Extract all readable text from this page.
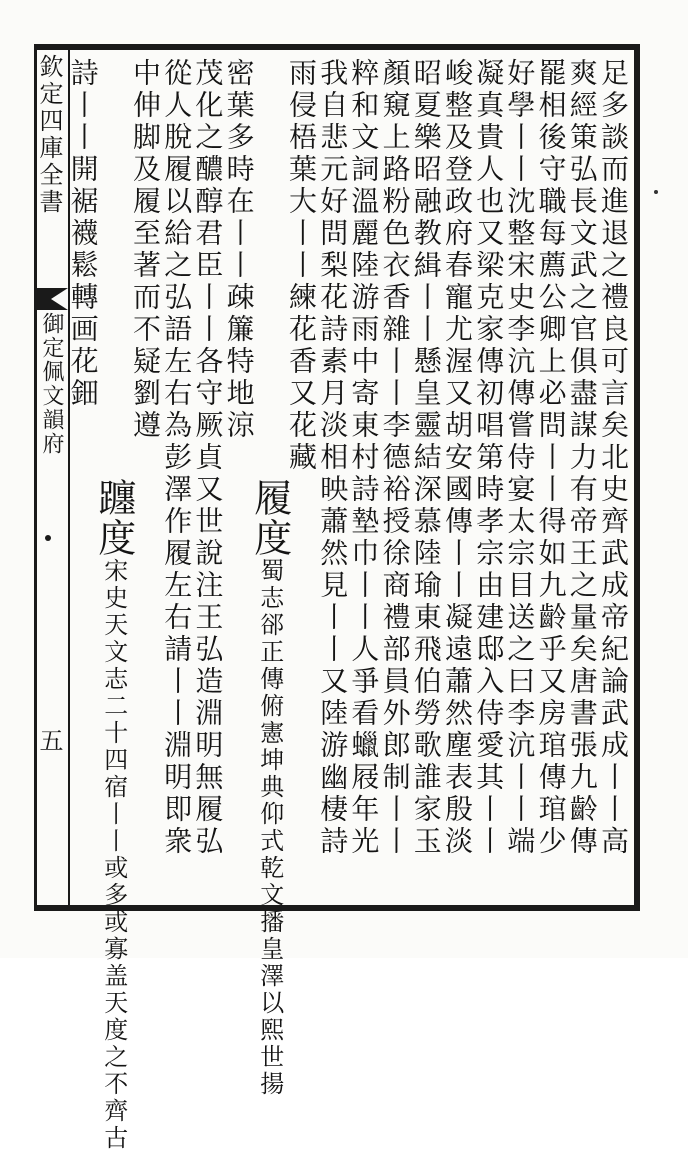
欽定四庫全書
御定佩文韻府
五	足多談而進退之禮良可言矣北史齊武成帝紀論武成丨丨高
爽經䇿弘長文武之官俱盡謀力有帝王之量矣唐書張九齡傳
罷相後守職每薦公卿上必問丨丨得如九齡乎又房琯傳琯少
好學丨丨沈整宋史李沆傳嘗侍宴太宗目送之曰李沆丨丨端
凝真貴人也又梁克家傳初唱第時孝宗由建邸入侍愛其丨丨
峻整及登政府春寵尤渥又胡安國傳丨丨凝遠蕭然塵表殷淡
昭夏樂昭融教緝丨丨懸皇靈結深慕陸瑜東飛伯勞歌誰家玉
顏窺上路粉色衣香雜丨丨李德裕授徐商禮部員外郎制丨丨
粹和文詞溫麗陸游雨中寄東村詩墊巾丨丨人爭看蠟屐年光
我自悲元好問梨花詩素月淡相映蕭然見丨丨又陸游幽棲詩
雨侵梧葉大丨丨練花香又花藏
履度蜀志郤正傳俯憲坤典仰式乾文播皇澤以熙世揚
密葉多時在丨丨疎簾特地涼
茂化之醲醇君臣丨丨各守厥貞又世說注王弘造淵明無履弘
從人脫履以給之弘語左右為彭澤作履左右請丨丨淵明即衆
中伸脚及履至著而不疑劉遵
躔度宋史天文志二十四宿丨丨或多或寡盖天度之不齊古
詩丨丨開裾襪鬆轉画花鈿
